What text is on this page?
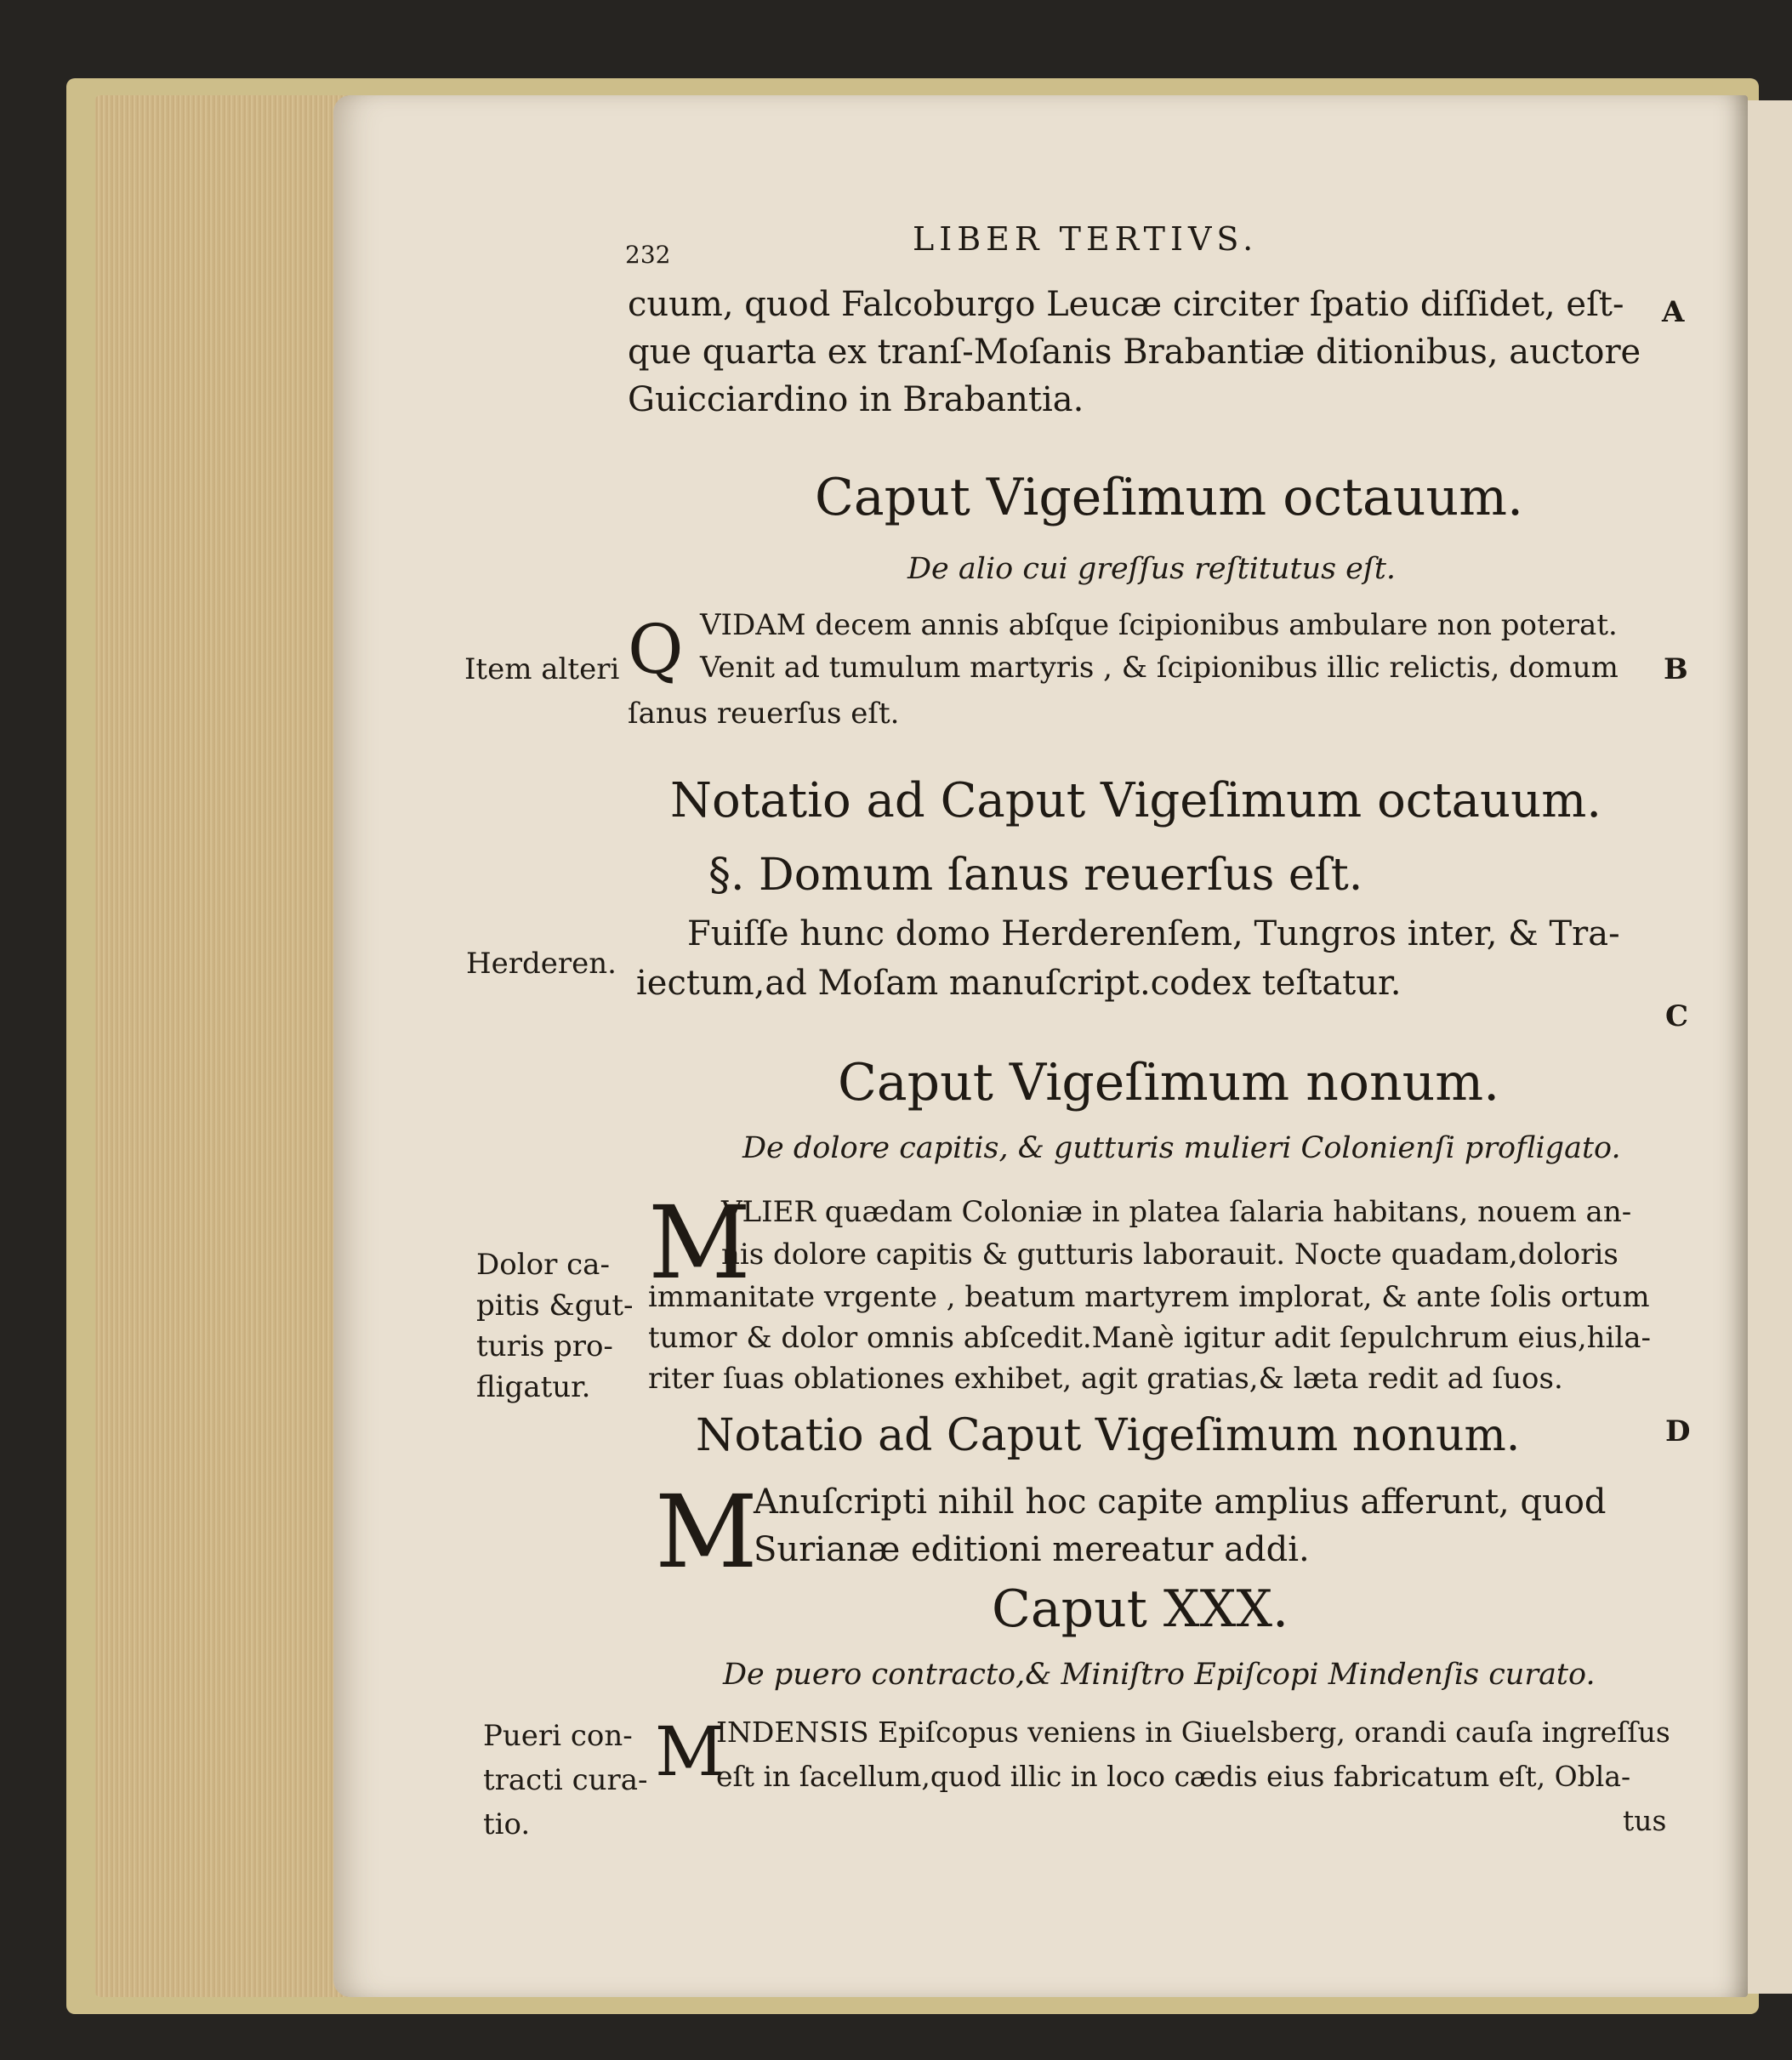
232	LIBER TERTIVS.
A
B
C
D
cuum, quod Falcoburgo Leucæ circiter ſpatio diſſidet, eſt-
que quarta ex tranſ-Moſanis Brabantiæ ditionibus, auctore
Guicciardino in Brabantia.
Caput Vigeſimum octauum.
De alio cui greſſus reſtitutus eſt.
Item alteri Q VIDAM decem annis abſque ſcipionibus ambulare non poterat.
Venit ad tumulum martyris , & ſcipionibus illic relictis, domum
ſanus reuerſus eſt.
Notatio ad Caput Vigeſimum octauum.
§. Domum ſanus reuerſus eſt.
Herderen.
Fuiſſe hunc domo Herderenſem, Tungros inter, & Tra-
iectum,ad Moſam manuſcript.codex teſtatur.
Caput Vigeſimum nonum.
De dolore capitis, & gutturis mulieri Colonienſi profligato.
Dolor ca-
pitis &gut-
turis pro-
fligatur.
M
VLIER quædam Coloniæ in platea ſalaria habitans, nouem an-
nis dolore capitis & gutturis laborauit. Nocte quadam,doloris
immanitate vrgente , beatum martyrem implorat, & ante ſolis ortum
tumor & dolor omnis abſcedit.Manè igitur adit ſepulchrum eius,hila-
riter ſuas oblationes exhibet, agit gratias,& læta redit ad ſuos.
Notatio ad Caput Vigeſimum nonum.
M
Anuſcripti nihil hoc capite amplius afferunt, quod
Surianæ editioni mereatur addi.
Caput XXX.
De puero contracto,& Miniſtro Epiſcopi Mindenſis curato.
Pueri con-
tracti cura-
tio.
M
INDENSIS Epiſcopus veniens in Giuelsberg, orandi cauſa ingreſſus
eſt in ſacellum,quod illic in loco cædis eius fabricatum eſt, Obla-
tus
